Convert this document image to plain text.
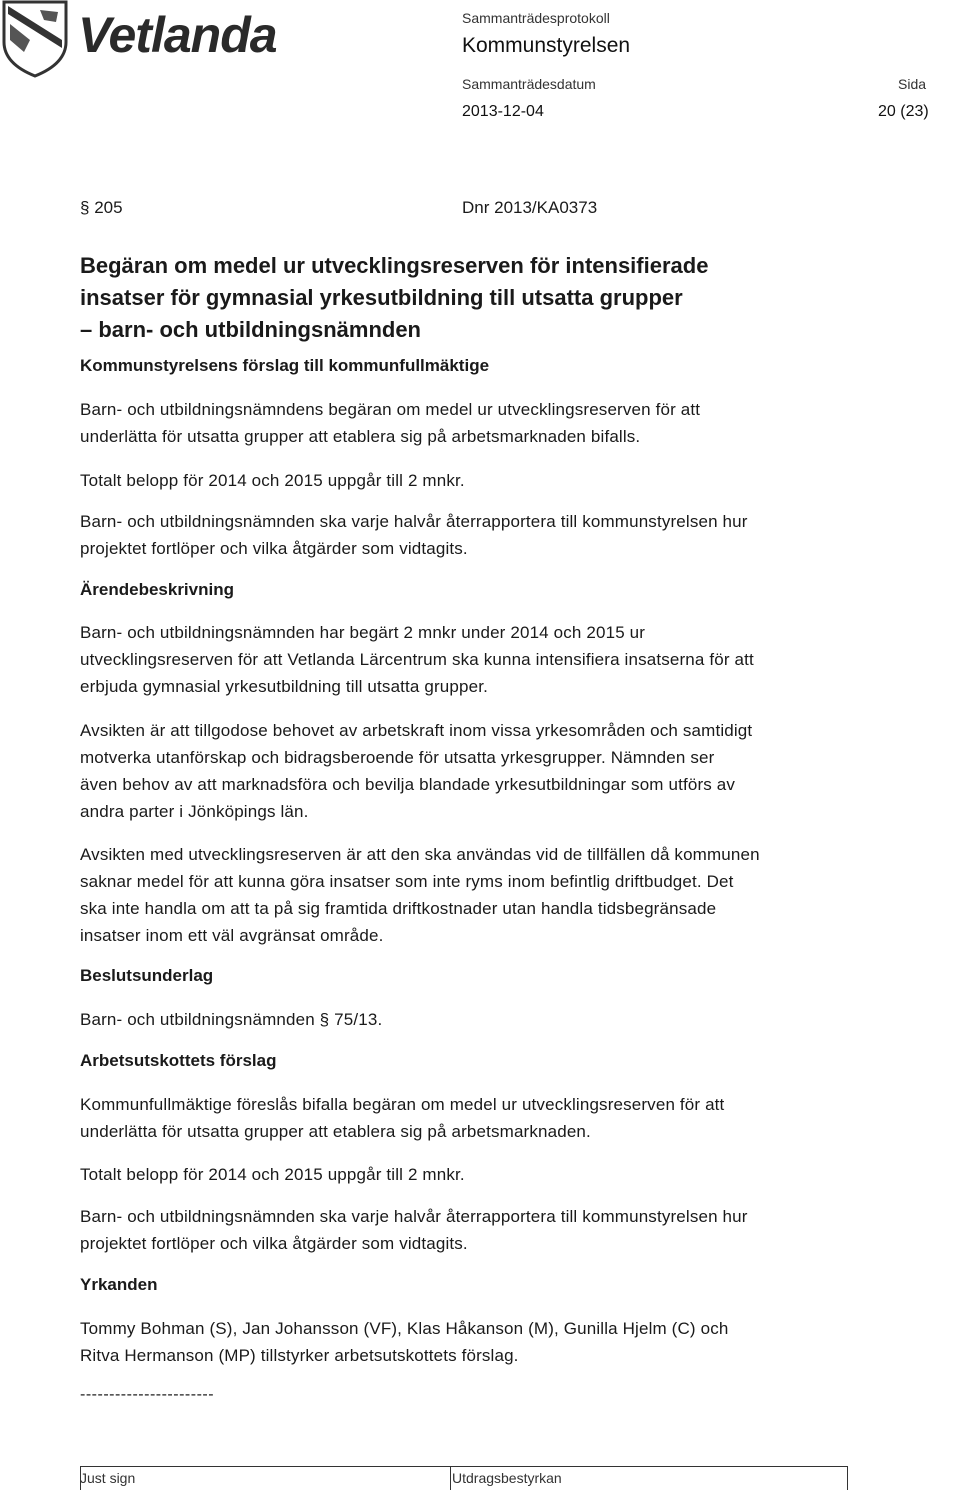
Vetlanda	Sammanträdesprotokoll
Kommunstyrelsen
Sammanträdesdatum	Sida
2013-12-04	20 (23)
§ 205	Dnr 2013/KA0373
Begäran om medel ur utvecklingsreserven för intensifierade
insatser för gymnasial yrkesutbildning till utsatta grupper
– barn- och utbildningsnämnden
Kommunstyrelsens förslag till kommunfullmäktige
Barn- och utbildningsnämndens begäran om medel ur utvecklingsreserven för att
underlätta för utsatta grupper att etablera sig på arbetsmarknaden bifalls.
Totalt belopp för 2014 och 2015 uppgår till 2 mnkr.
Barn- och utbildningsnämnden ska varje halvår återrapportera till kommunstyrelsen hur
projektet fortlöper och vilka åtgärder som vidtagits.
Ärendebeskrivning
Barn- och utbildningsnämnden har begärt 2 mnkr under 2014 och 2015 ur
utvecklingsreserven för att Vetlanda Lärcentrum ska kunna intensifiera insatserna för att
erbjuda gymnasial yrkesutbildning till utsatta grupper.
Avsikten är att tillgodose behovet av arbetskraft inom vissa yrkesområden och samtidigt
motverka utanförskap och bidragsberoende för utsatta yrkesgrupper. Nämnden ser
även behov av att marknadsföra och bevilja blandade yrkesutbildningar som utförs av
andra parter i Jönköpings län.
Avsikten med utvecklingsreserven är att den ska användas vid de tillfällen då kommunen
saknar medel för att kunna göra insatser som inte ryms inom befintlig driftbudget. Det
ska inte handla om att ta på sig framtida driftkostnader utan handla tidsbegränsade
insatser inom ett väl avgränsat område.
Beslutsunderlag
Barn- och utbildningsnämnden § 75/13.
Arbetsutskottets förslag
Kommunfullmäktige föreslås bifalla begäran om medel ur utvecklingsreserven för att
underlätta för utsatta grupper att etablera sig på arbetsmarknaden.
Totalt belopp för 2014 och 2015 uppgår till 2 mnkr.
Barn- och utbildningsnämnden ska varje halvår återrapportera till kommunstyrelsen hur
projektet fortlöper och vilka åtgärder som vidtagits.
Yrkanden
Tommy Bohman (S), Jan Johansson (VF), Klas Håkanson (M), Gunilla Hjelm (C) och
Ritva Hermanson (MP) tillstyrker arbetsutskottets förslag.
-----------------------
Just sign	Utdragsbestyrkan
